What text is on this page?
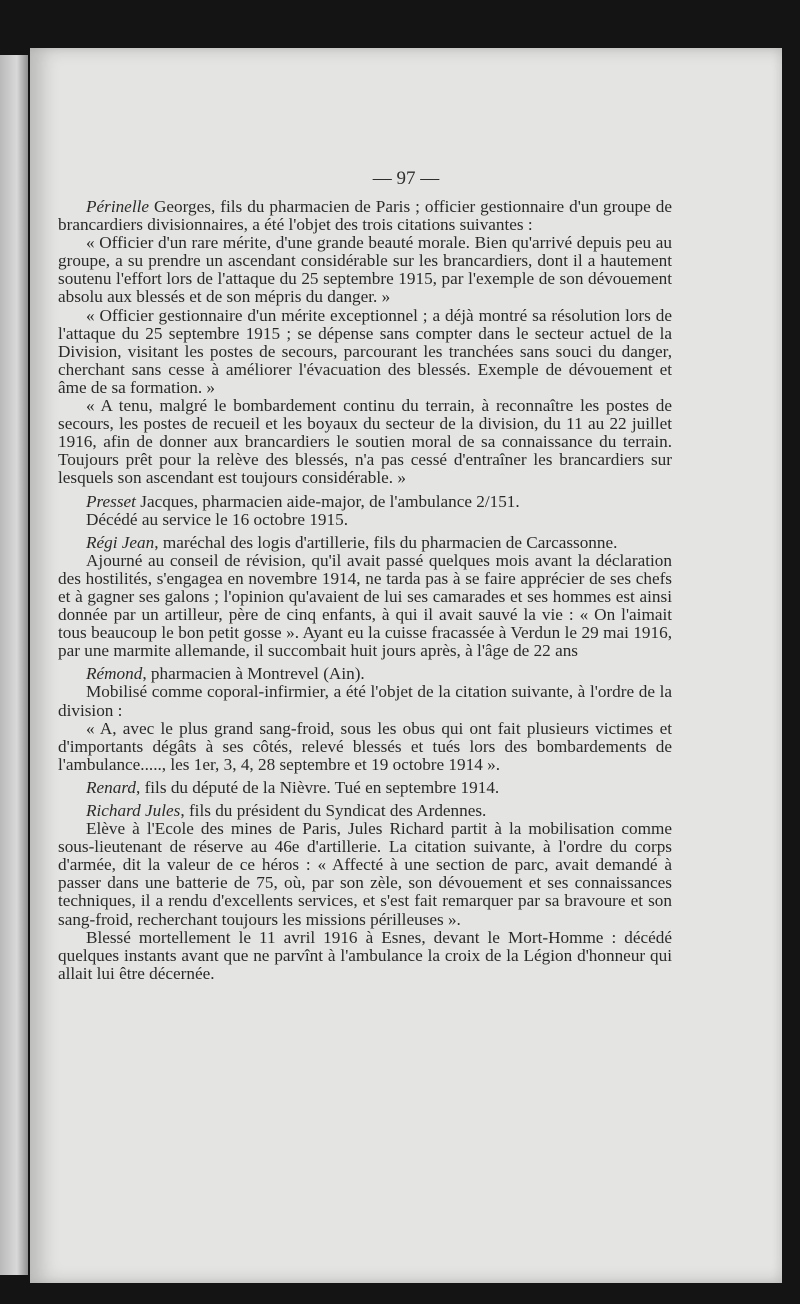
— 97 —

Périnelle Georges, fils du pharmacien de Paris ; officier gestionnaire d'un groupe de brancardiers divisionnaires, a été l'objet des trois citations suivantes :

« Officier d'un rare mérite, d'une grande beauté morale. Bien qu'arrivé depuis peu au groupe, a su prendre un ascendant considérable sur les brancardiers, dont il a hautement soutenu l'effort lors de l'attaque du 25 septembre 1915, par l'exemple de son dévouement absolu aux blessés et de son mépris du danger. »

« Officier gestionnaire d'un mérite exceptionnel ; a déjà montré sa résolution lors de l'attaque du 25 septembre 1915 ; se dépense sans compter dans le secteur actuel de la Division, visitant les postes de secours, parcourant les tranchées sans souci du danger, cherchant sans cesse à améliorer l'évacuation des blessés. Exemple de dévouement et âme de sa formation. »

« A tenu, malgré le bombardement continu du terrain, à reconnaître les postes de secours, les postes de recueil et les boyaux du secteur de la division, du 11 au 22 juillet 1916, afin de donner aux brancardiers le soutien moral de sa connaissance du terrain. Toujours prêt pour la relève des blessés, n'a pas cessé d'entraîner les brancardiers sur lesquels son ascendant est toujours considérable. »

Presset Jacques, pharmacien aide-major, de l'ambulance 2/151.

Décédé au service le 16 octobre 1915.

Régi Jean, maréchal des logis d'artillerie, fils du pharmacien de Carcassonne.

Ajourné au conseil de révision, qu'il avait passé quelques mois avant la déclaration des hostilités, s'engagea en novembre 1914, ne tarda pas à se faire apprécier de ses chefs et à gagner ses galons ; l'opinion qu'avaient de lui ses camarades et ses hommes est ainsi donnée par un artilleur, père de cinq enfants, à qui il avait sauvé la vie : « On l'aimait tous beaucoup le bon petit gosse ». Ayant eu la cuisse fracassée à Verdun le 29 mai 1916, par une marmite allemande, il succombait huit jours après, à l'âge de 22 ans

Rémond, pharmacien à Montrevel (Ain).

Mobilisé comme coporal-infirmier, a été l'objet de la citation suivante, à l'ordre de la division :

« A, avec le plus grand sang-froid, sous les obus qui ont fait plusieurs victimes et d'importants dégâts à ses côtés, relevé blessés et tués lors des bombardements de l'ambulance....., les 1er, 3, 4, 28 septembre et 19 octobre 1914 ».

Renard, fils du député de la Nièvre. Tué en septembre 1914.

Richard Jules, fils du président du Syndicat des Ardennes.

Elève à l'Ecole des mines de Paris, Jules Richard partit à la mobilisation comme sous-lieutenant de réserve au 46e d'artillerie. La citation suivante, à l'ordre du corps d'armée, dit la valeur de ce héros : « Affecté à une section de parc, avait demandé à passer dans une batterie de 75, où, par son zèle, son dévouement et ses connaissances techniques, il a rendu d'excellents services, et s'est fait remarquer par sa bravoure et son sang-froid, recherchant toujours les missions périlleuses ».

Blessé mortellement le 11 avril 1916 à Esnes, devant le Mort-Homme : décédé quelques instants avant que ne parvînt à l'ambulance la croix de la Légion d'honneur qui allait lui être décernée.
